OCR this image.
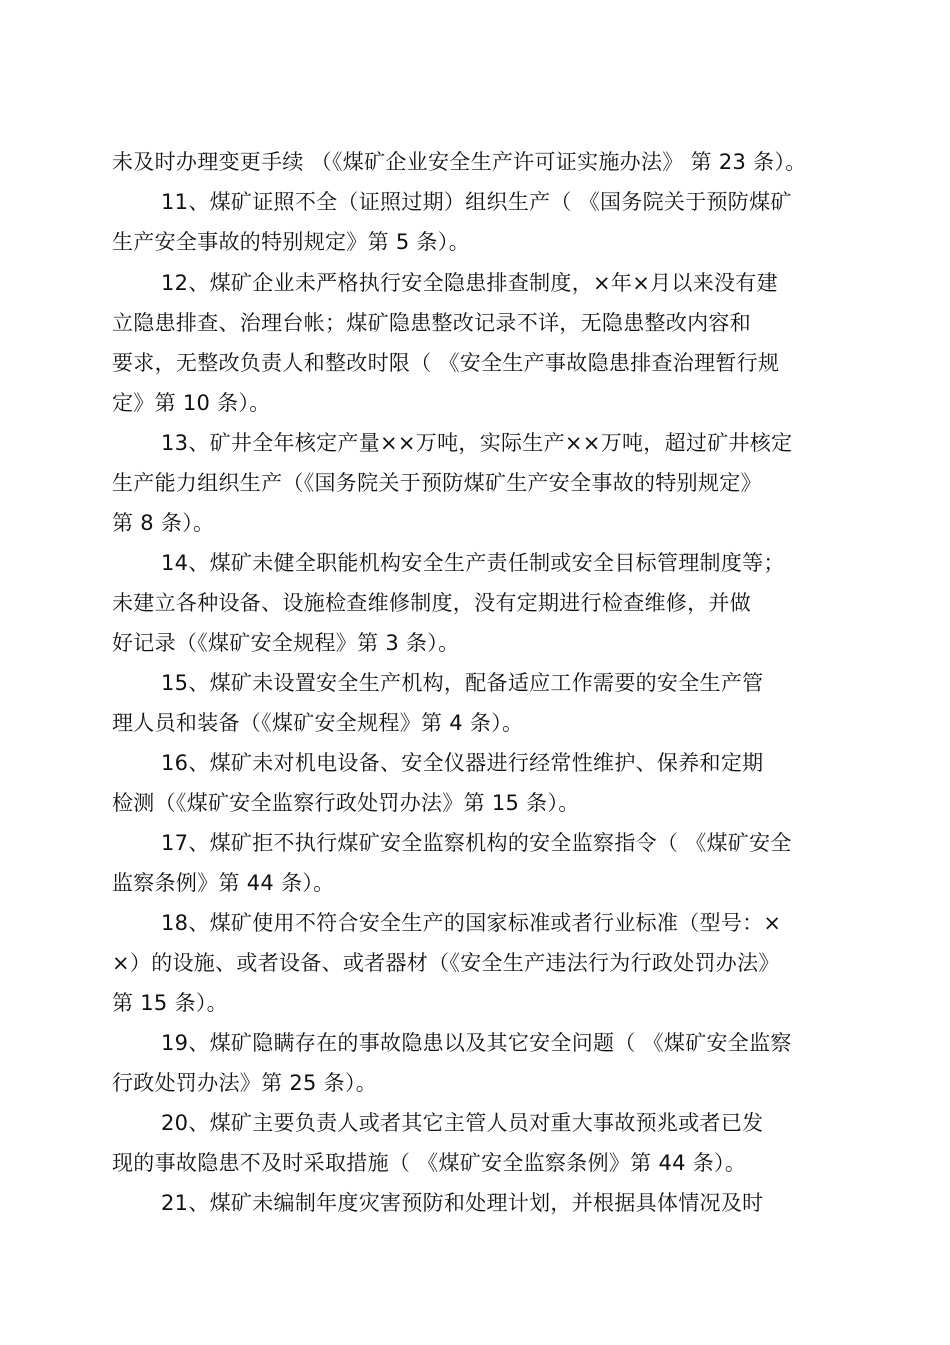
未及时办理变更手续 （《煤矿企业安全生产许可证实施办法》 第 23 条）。
11、煤矿证照不全（证照过期）组织生产（ 《国务院关于预防煤矿
生产安全事故的特别规定》第 5 条）。
12、煤矿企业未严格执行安全隐患排查制度，×年×月以来没有建
立隐患排查、治理台帐；煤矿隐患整改记录不详，无隐患整改内容和
要求，无整改负责人和整改时限（ 《安全生产事故隐患排查治理暂行规
定》第 10 条）。
13、矿井全年核定产量××万吨，实际生产××万吨，超过矿井核定
生产能力组织生产（《国务院关于预防煤矿生产安全事故的特别规定》
第 8 条）。
14、煤矿未健全职能机构安全生产责任制或安全目标管理制度等；
未建立各种设备、设施检查维修制度，没有定期进行检查维修，并做
好记录（《煤矿安全规程》第 3 条）。
15、煤矿未设置安全生产机构，配备适应工作需要的安全生产管
理人员和装备（《煤矿安全规程》第 4 条）。
16、煤矿未对机电设备、安全仪器进行经常性维护、保养和定期
检测（《煤矿安全监察行政处罚办法》第 15 条）。
17、煤矿拒不执行煤矿安全监察机构的安全监察指令（ 《煤矿安全
监察条例》第 44 条）。
18、煤矿使用不符合安全生产的国家标准或者行业标准（型号：×
×）的设施、或者设备、或者器材（《安全生产违法行为行政处罚办法》
第 15 条）。
19、煤矿隐瞒存在的事故隐患以及其它安全问题（ 《煤矿安全监察
行政处罚办法》第 25 条）。
20、煤矿主要负责人或者其它主管人员对重大事故预兆或者已发
现的事故隐患不及时采取措施（ 《煤矿安全监察条例》第 44 条）。
21、煤矿未编制年度灾害预防和处理计划，并根据具体情况及时
